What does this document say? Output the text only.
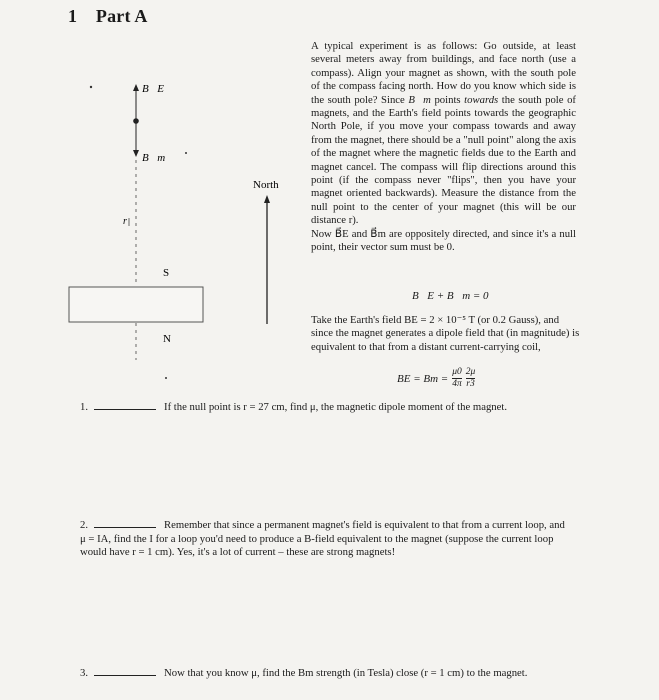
1 Part A
B⃗E
B⃗m
r
North
S
N
A typical experiment is as follows: Go outside, at least several meters away from buildings, and face north (use a compass). Align your magnet as shown, with the south pole of the compass facing north. How do you know which side is the south pole? Since B⃗m points towards the south pole of magnets, and the Earth's field points towards the geographic North Pole, if you move your compass towards and away from the magnet, there should be a "null point" along the axis of the magnet where the magnetic fields due to the Earth and magnet cancel. The compass will flip directions around this point (if the compass never "flips", then you have your magnet oriented backwards). Measure the distance from the null point to the center of your magnet (this will be our distance r).
Now B⃗E and B⃗m are oppositely directed, and since it's a null point, their vector sum must be 0.
B⃗E + B⃗m = 0
Take the Earth's field BE = 2 × 10⁻⁵ T (or 0.2 Gauss), and since the magnet generates a dipole field that (in magnitude) is equivalent to that from a distant current-carrying coil,
BE = $Bm = \frac{\mu 0}{4\pi} \frac{2\mu}{r3}$
1.	If the null point is r = 27 cm, find μ, the magnetic dipole moment of the magnet.
2.	Remember that since a permanent magnet's field is equivalent to that from a current loop, and μ = IA, find the I for a loop you'd need to produce a B-field equivalent to the magnet (suppose the current loop would have r = 1 cm). Yes, it's a lot of current – these are strong magnets!
3.	Now that you know μ, find the Bm strength (in Tesla) close (r = 1 cm) to the magnet.
